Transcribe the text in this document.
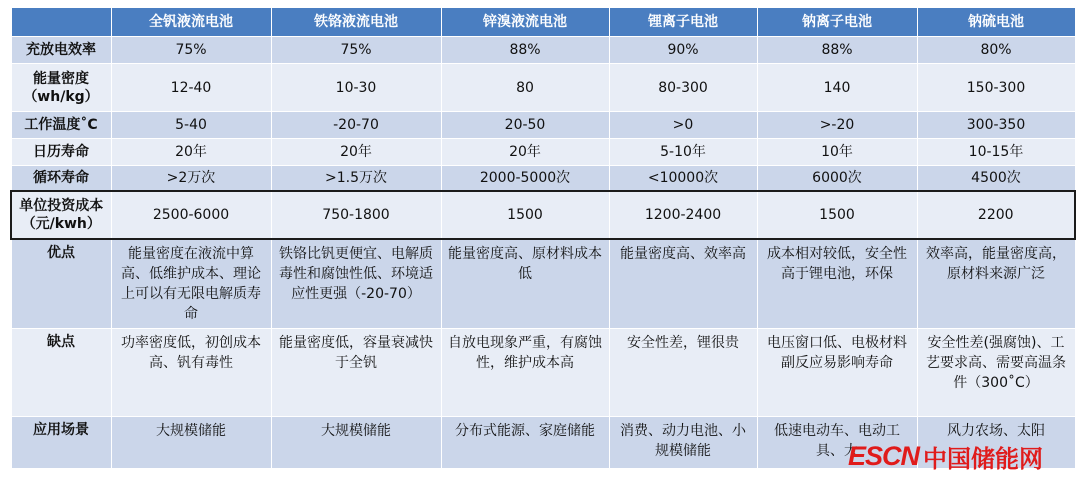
	全钒液流电池	铁铬液流电池	锌溴液流电池	锂离子电池	钠离子电池	钠硫电池
充放电效率	75%	75%	88%	90%	88%	80%
能量密度（wh/kg）	12-40	10-30	80	80-300	140	150-300
工作温度˚C	5-40	-20-70	20-50	>0	>-20	300-350
日历寿命	20年	20年	20年	5-10年	10年	10-15年
循环寿命	>2万次	>1.5万次	2000-5000次	<10000次	6000次	4500次
单位投资成本（元/kwh）	2500-6000	750-1800	1500	1200-2400	1500	2200
优点	能量密度在液流中算高、低维护成本、理论上可以有无限电解质寿命	铁铬比钒更便宜、电解质毒性和腐蚀性低、环境适应性更强（-20-70）	能量密度高、原材料成本低	能量密度高、效率高	成本相对较低，安全性高于锂电池，环保	效率高，能量密度高，原材料来源广泛
缺点	功率密度低，初创成本高、钒有毒性	能量密度低，容量衰减快于全钒	自放电现象严重，有腐蚀性，维护成本高	安全性差，锂很贵	电压窗口低、电极材料副反应易影响寿命	安全性差(强腐蚀)、工艺要求高、需要高温条件（300˚C）
应用场景	大规模储能	大规模储能	分布式能源、家庭储能	消费、动力电池、小规模储能	低速电动车、电动工具、大	风力农场、太阳
ESCN 中国储能网
